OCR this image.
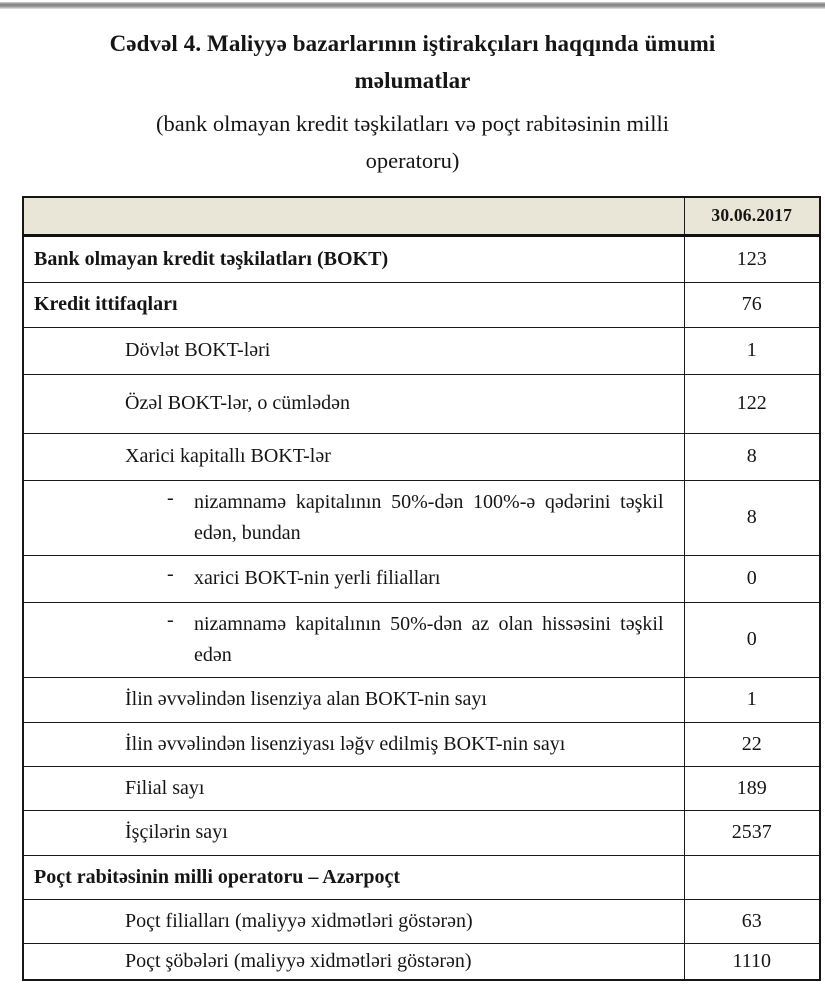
Cədvəl 4. Maliyyə bazarlarının iştirakçıları haqqında ümumi
məlumatlar
(bank olmayan kredit təşkilatları və poçt rabitəsinin milli
operatoru)
	30.06.2017
Bank olmayan kredit təşkilatları (BOKT)	123
Kredit ittifaqları	76
Dövlət BOKT-ləri	1
Özəl BOKT-lər, o cümlədən	122
Xarici kapitallı BOKT-lər	8

- nizamnamə kapitalının 50%-dən 100%-ə qədərini təşkil edən, bundan	8

- xarici BOKT-nin yerli filialları	0

- nizamnamə kapitalının 50%-dən az olan hissəsini təşkil edən	0
İlin əvvəlindən lisenziya alan BOKT-nin sayı	1
İlin əvvəlindən lisenziyası ləğv edilmiş BOKT-nin sayı	22
Filial sayı	189
İşçilərin sayı	2537
Poçt rabitəsinin milli operatoru – Azərpoçt	
Poçt filialları (maliyyə xidmətləri göstərən)	63
Poçt şöbələri (maliyyə xidmətləri göstərən)	1110
